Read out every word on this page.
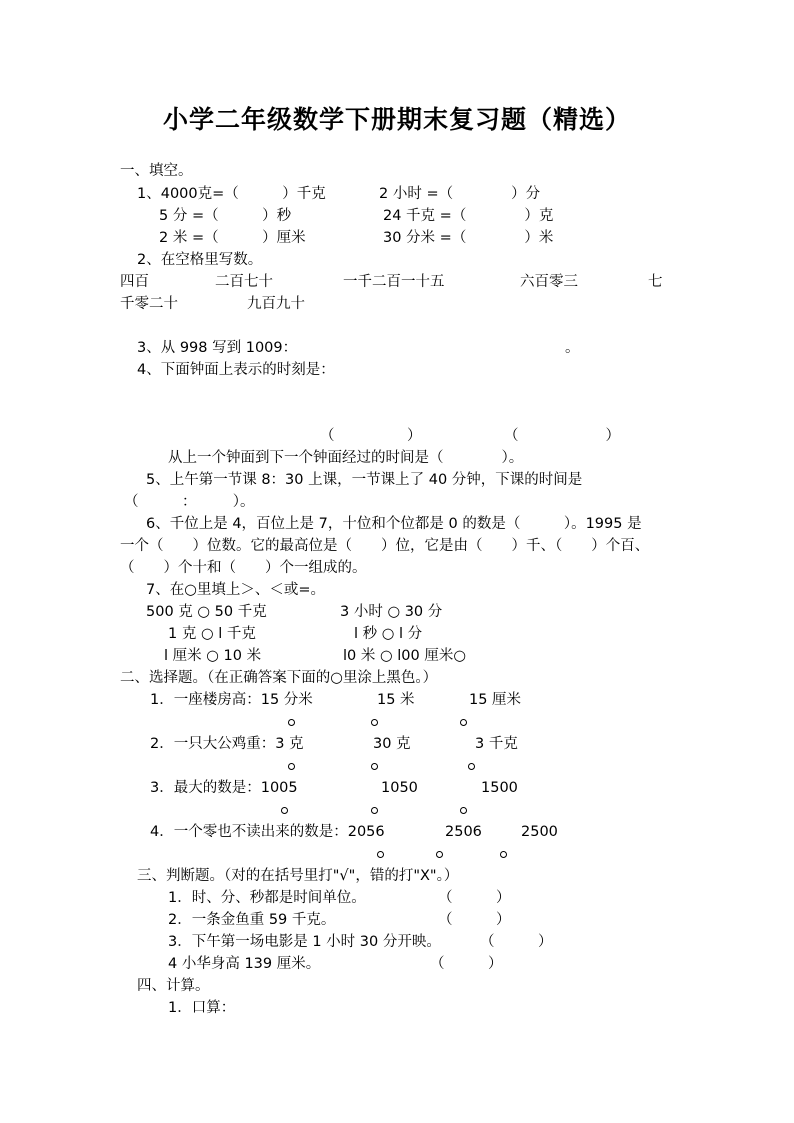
小学二年级数学下册期末复习题（精选）
一、填空。
1、4000克=（　　　）千克	2 小时 =（　　　　）分
5 分 =（　　　）秒	24 千克 =（　　　　）克
2 米 =（　　　）厘米	30 分米 =（　　　　）米
2、在空格里写数。
四百	二百七十	一千二百一十五	六百零三	七
千零二十	九百九十
3、从 998 写到 1009：	。
4、下面钟面上表示的时刻是：
（　　　　　）	（　　　　　　）
从上一个钟面到下一个钟面经过的时间是（　　　　）。
5、上午第一节课 8：30 上课，一节课上了 40 分钟，下课的时间是
（　　　：　　　）。
6、千位上是 4，百位上是 7，十位和个位都是 0 的数是（　　　）。1995 是
一个（　　）位数。它的最高位是（　　）位，它是由（　　）千、（　　）个百、
（　　）个十和（　　）个一组成的。
7、在○里填上＞、＜或=。
500 克 ○ 50 千克	3 小时 ○ 30 分
1 克 ○ l 千克	l 秒 ○ l 分
l 厘米 ○ 10 米	l0 米 ○ l00 厘米○
二、选择题。（在正确答案下面的○里涂上黑色。）
1．一座楼房高：15 分米	15 米	15 厘米
2．一只大公鸡重：3 克	30 克	3 千克
3．最大的数是：1005	1050	1500
4．一个零也不读出来的数是：2056	2506	2500
三、判断题。（对的在括号里打"√"，错的打"X"。）
1．时、分、秒都是时间单位。	（　　　）
2．一条金鱼重 59 千克。	（　　　）
3．下午第一场电影是 1 小时 30 分开映。	（　　　）
4 小华身高 139 厘米。	（　　　）
四、计算。
1．口算：
